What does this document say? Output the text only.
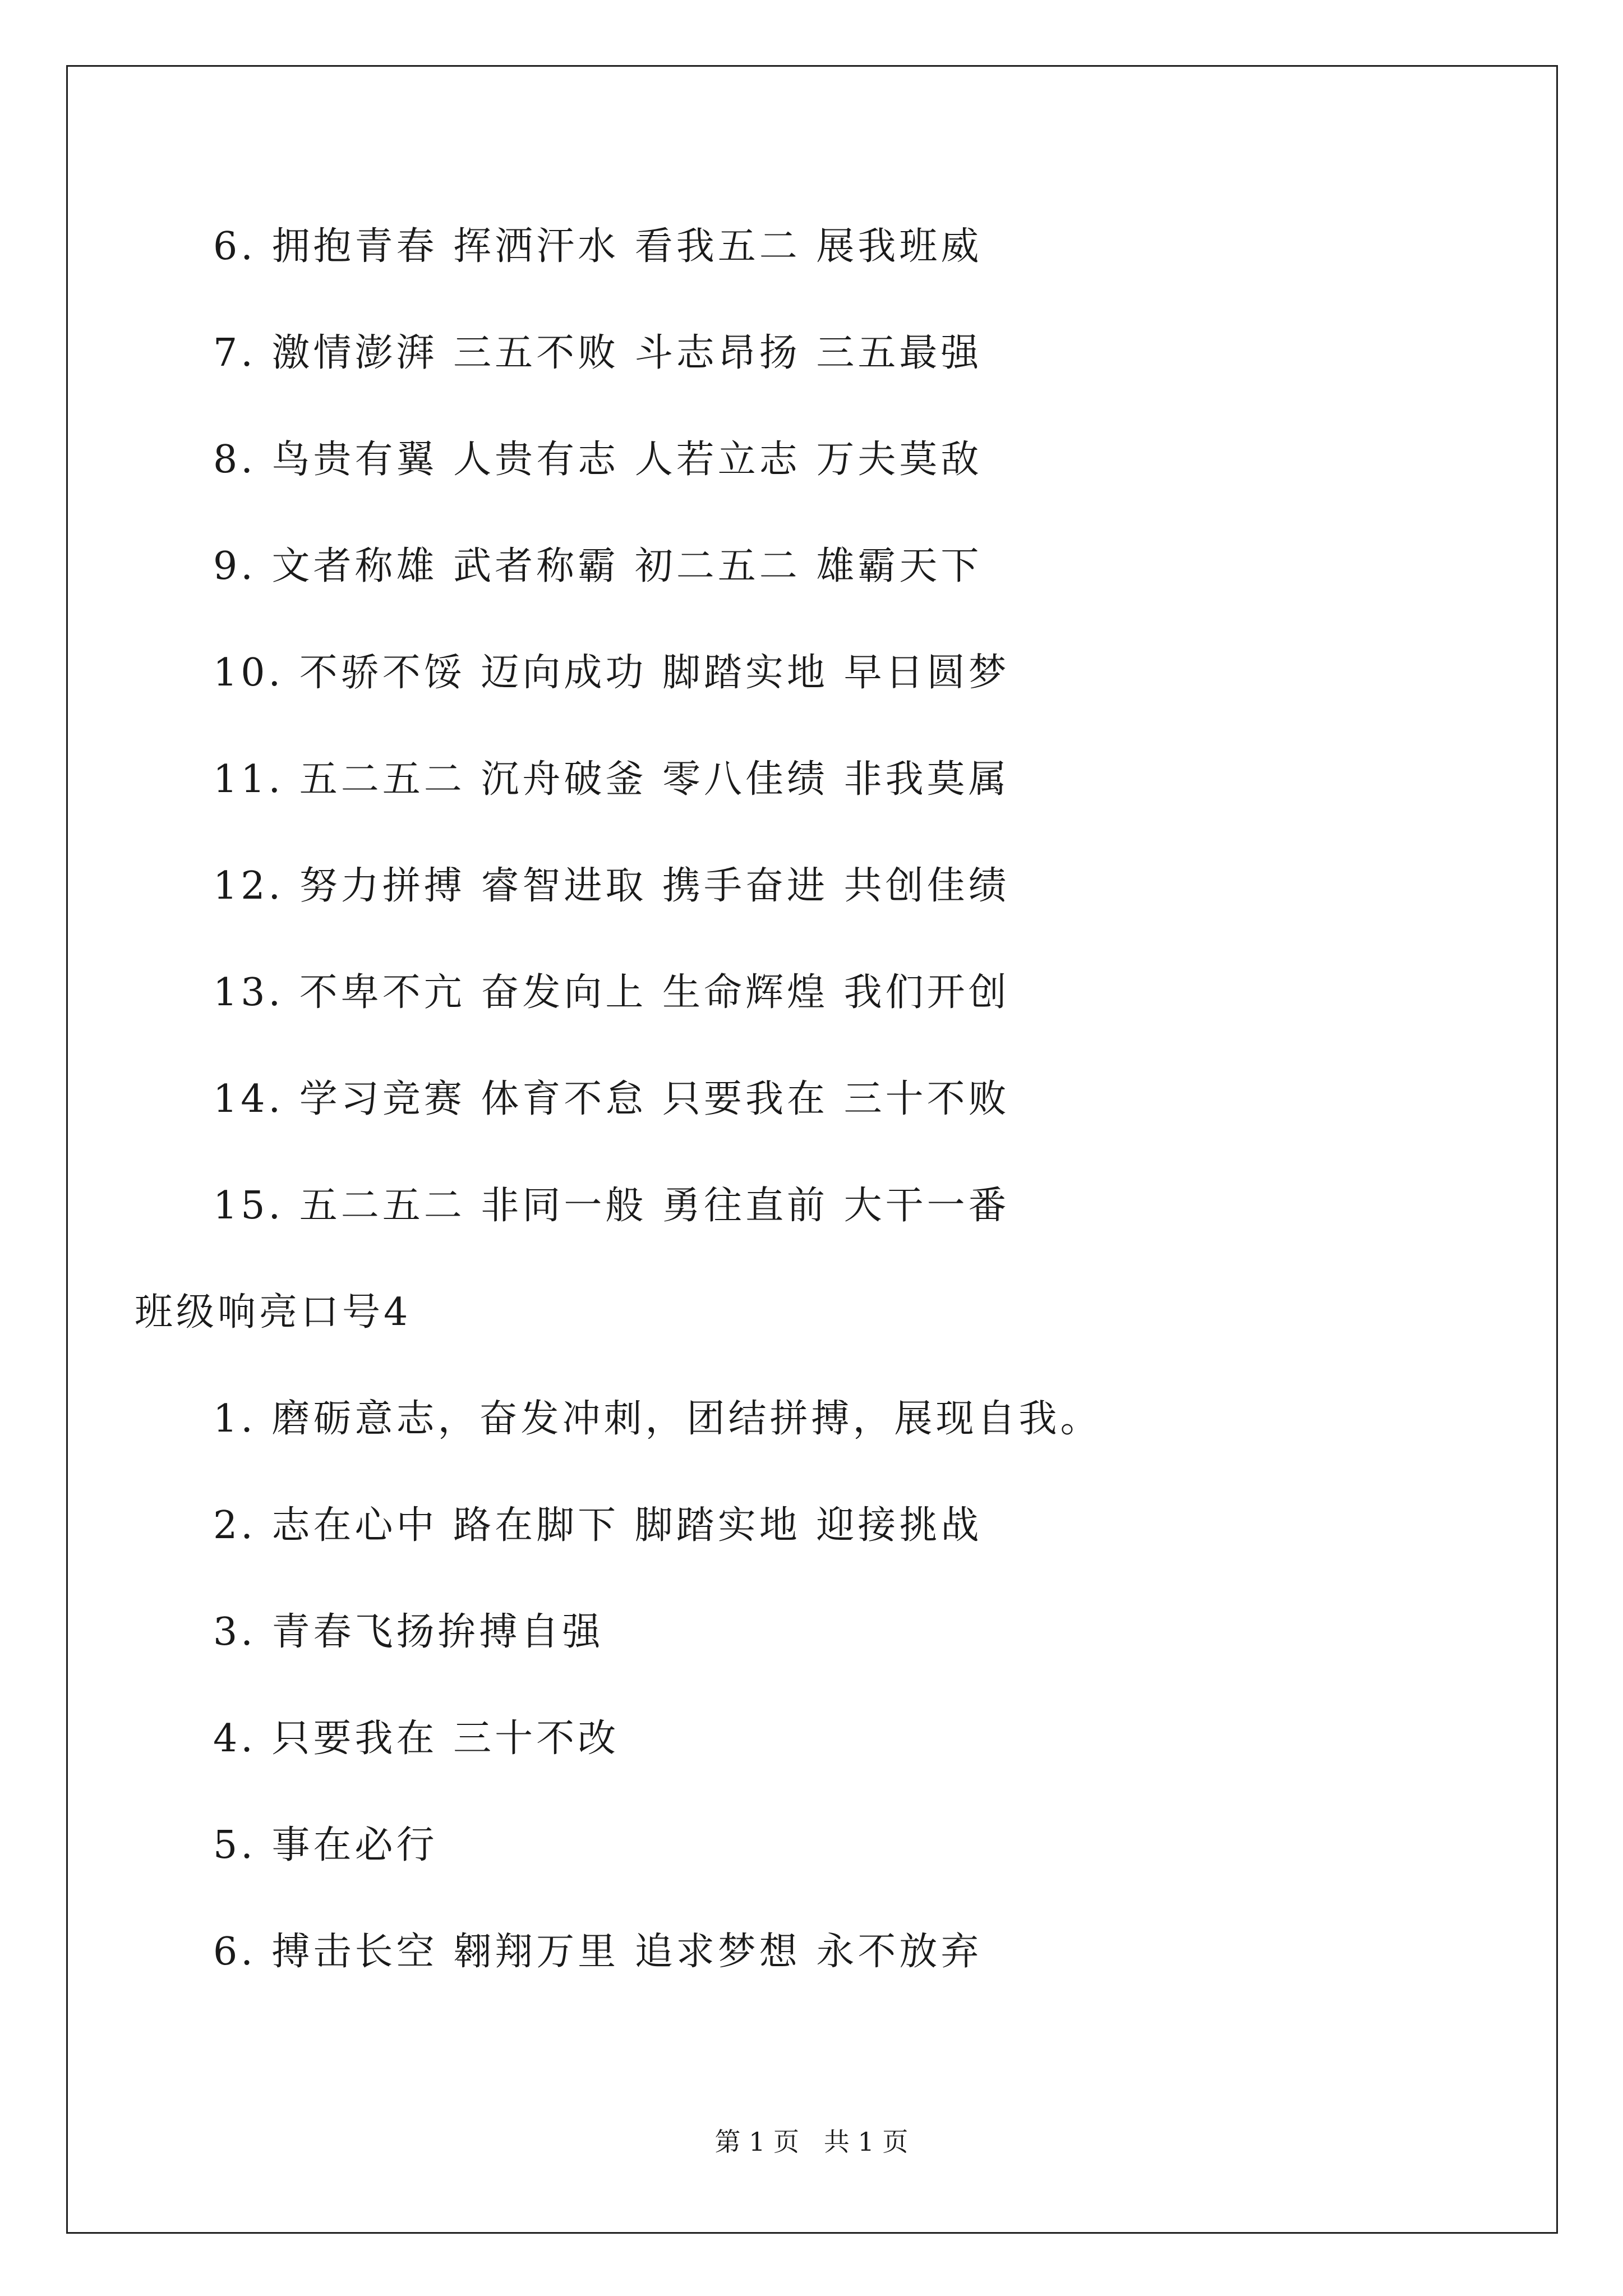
6. 拥抱青春 挥洒汗水 看我五二 展我班威
7. 激情澎湃 三五不败 斗志昂扬 三五最强
8. 鸟贵有翼 人贵有志 人若立志 万夫莫敌
9. 文者称雄 武者称霸 初二五二 雄霸天下
10. 不骄不馁 迈向成功 脚踏实地 早日圆梦
11. 五二五二 沉舟破釜 零八佳绩 非我莫属
12. 努力拼搏 睿智进取 携手奋进 共创佳绩
13. 不卑不亢 奋发向上 生命辉煌 我们开创
14. 学习竞赛 体育不怠 只要我在 三十不败
15. 五二五二 非同一般 勇往直前 大干一番
班级响亮口号4
1. 磨砺意志，奋发冲刺，团结拼搏，展现自我。
2. 志在心中 路在脚下 脚踏实地 迎接挑战
3. 青春飞扬拚搏自强
4. 只要我在 三十不改
5. 事在必行
6. 搏击长空 翱翔万里 追求梦想 永不放弃
第 1 页   共 1 页
